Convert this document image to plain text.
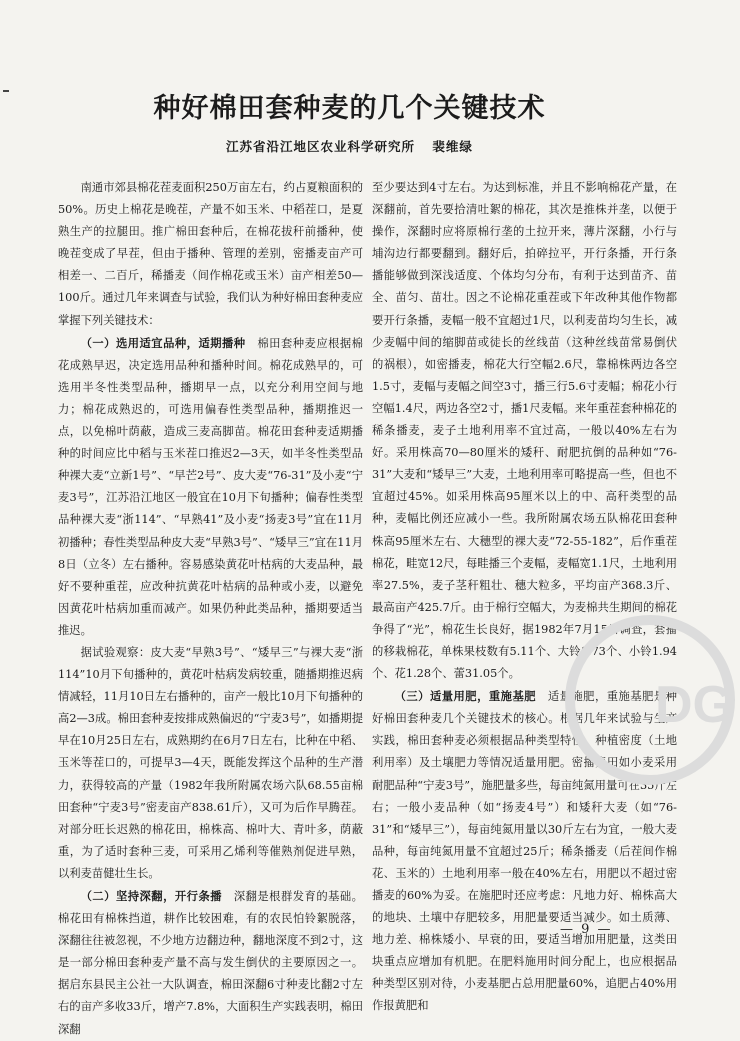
种好棉田套种麦的几个关键技术
江苏省沿江地区农业科学研究所 裴维绿

南通市郊县棉花茬麦面积250万亩左右，约占夏粮面积的50%。历史上棉花是晚茬，产量不如玉米、中稻茬口，是夏熟生产的拉腿田。推广棉田套种后，在棉花拔秆前播种，使晚茬变成了早茬，但由于播种、管理的差别，密播麦亩产可相差一、二百斤，稀播麦（间作棉花或玉米）亩产相差50—100斤。通过几年来调查与试验，我们认为种好棉田套种麦应掌握下列关键技术：

（一）选用适宜品种，适期播种　 棉田套种麦应根据棉花成熟早迟，决定选用品种和播种时间。棉花成熟早的，可选用半冬性类型品种，播期早一点，以充分利用空间与地力；棉花成熟迟的，可选用偏春性类型品种，播期推迟一点，以免棉叶荫蔽，造成三麦高脚苗。棉花田套种麦适期播种的时间应比中稻与玉米茬口推迟2—3天，如半冬性类型品种裸大麦“立新1号”、“早芒2号”、皮大麦“76-31”及小麦“宁麦3号”，江苏沿江地区一般宜在10月下旬播种；偏春性类型品种裸大麦“浙114”、“早熟41”及小麦“扬麦3号”宜在11月初播种；春性类型品种皮大麦“早熟3号”、“矮早三”宜在11月8日（立冬）左右播种。容易感染黄花叶枯病的大麦品种，最好不要种重茬，应改种抗黄花叶枯病的品种或小麦，以避免因黄花叶枯病加重而减产。如果仍种此类品种，播期要适当推迟。

据试验观察：皮大麦“早熟3号”、“矮早三”与裸大麦“浙114”10月下旬播种的，黄花叶枯病发病较重，随播期推迟病情减轻，11月10日左右播种的，亩产一般比10月下旬播种的高2—3成。棉田套种麦按排成熟偏迟的“宁麦3号”，如播期提早在10月25日左右，成熟期约在6月7日左右，比种在中稻、玉米等茬口的，可提早3—4天，既能发挥这个品种的生产潜力，获得较高的产量（1982年我所附属农场六队68.55亩棉田套种“宁麦3号”密麦亩产838.61斤），又可为后作早腾茬。对部分旺长迟熟的棉花田，棉株高、棉叶大、青叶多，荫蔽重，为了适时套种三麦，可采用乙烯利等催熟剂促进早熟，以利麦苗健壮生长。

（二）坚持深翻，开行条播　 深翻是根群发育的基础。棉花田有棉株挡道，耕作比较困难，有的农民怕铃絮脱落，深翻往往被忽视，不少地方边翻边种，翻地深度不到2寸，这是一部分棉田套种麦产量不高与发生倒伏的主要原因之一。据启东县民主公社一大队调查，棉田深翻6寸种麦比翻2寸左右的亩产多收33斤，增产7.8%，大面积生产实践表明，棉田深翻

至少要达到4寸左右。为达到标准，并且不影响棉花产量，在深翻前，首先要拾清吐絮的棉花，其次是推株并垄，以便于操作，深翻时应将原棉行垄的土拉开来，薄片深翻，小行与埔沟边行都要翻到。翻好后，拍碎拉平，开行条播，开行条播能够做到深浅适度、个体均匀分布，有利于达到苗齐、苗全、苗匀、苗壮。因之不论棉花重茬或下年改种其他作物都要开行条播，麦幅一般不宜超过1尺，以利麦苗均匀生长，减少麦幅中间的缩脚苗或徒长的丝线苗（这种丝线苗常易倒伏的祸根），如密播麦，棉花大行空幅2.6尺，靠棉株两边各空1.5寸，麦幅与麦幅之间空3寸，播三行5.6寸麦幅；棉花小行空幅1.4尺，两边各空2寸，播1尺麦幅。来年重茬套种棉花的稀条播麦，麦子土地利用率不宜过高，一般以40%左右为好。采用株高70—80厘米的矮秆、耐肥抗倒的品种如“76-31”大麦和“矮早三”大麦，土地利用率可略提高一些，但也不宜超过45%。如采用株高95厘米以上的中、高秆类型的品种，麦幅比例还应减小一些。我所附属农场五队棉花田套种株高95厘米左右、大穗型的裸大麦“72-55-182”，后作重茬棉花，畦宽12尺，每畦播三个麦幅，麦幅宽1.1尺，土地利用率27.5%，麦子茎秆粗壮、穗大粒多，平均亩产368.3斤、最高亩产425.7斤。由于棉行空幅大，为麦棉共生期间的棉花争得了“光”，棉花生长良好，据1982年7月15日调查，套播的移栽棉花，单株果枝数有5.11个、大铃1.73个、小铃1.94个、花1.28个、蕾31.05个。

（三）适量用肥，重施基肥　 适量施肥，重施基肥是种好棉田套种麦几个关键技术的核心。根据几年来试验与生产实践，棉田套种麦必须根据品种类型特性、种植密度（土地利用率）及土壤肥力等情况适量用肥。密播麦田如小麦采用耐肥品种“宁麦3号”，施肥量多些，每亩纯氮用量可在35斤左右；一般小麦品种（如“扬麦4号”）和矮秆大麦（如“76-31”和“矮早三”），每亩纯氮用量以30斤左右为宜，一般大麦品种，每亩纯氮用量不宜超过25斤；稀条播麦（后茬间作棉花、玉米的）土地利用率一般在40%左右，用肥以不超过密播麦的60%为妥。在施肥时还应考虑：凡地力好、棉株高大的地块、土壤中存肥较多，用肥量要适当减少。如土质薄、地力差、棉株矮小、早衰的田，要适当增加用肥量，这类田块重点应增加有机肥。在肥料施用时间分配上，也应根据品种类型区别对待，小麦基肥占总用肥量60%，追肥占40%用作报黄肥和

DG
— 9 —
